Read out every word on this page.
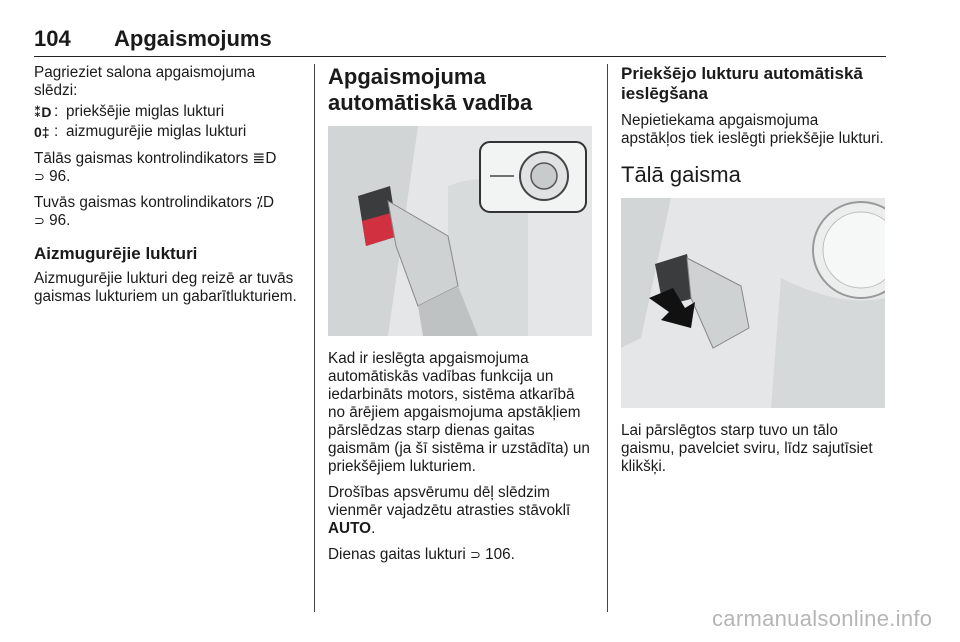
104 Apgaismojums

Pagrieziet salona apgaismojuma slēdzi:

⁑D : priekšējie miglas lukturi
0‡ : aizmugurējie miglas lukturi

Tālās gaismas kontrolindikators ≣D

⊃ 96.

Tuvās gaismas kontrolindikators ⁒D

⊃ 96.

Aizmugurējie lukturi

Aizmugurējie lukturi deg reizē ar tuvās gaismas lukturiem un gabarītlukturiem.

Apgaismojuma automātiskā vadība

Kad ir ieslēgta apgaismojuma automātiskās vadības funkcija un iedarbināts motors, sistēma atkarībā no ārējiem apgaismojuma apstākļiem pārslēdzas starp dienas gaitas gaismām (ja šī sistēma ir uzstādīta) un priekšējiem lukturiem.

Drošības apsvērumu dēļ slēdzim vienmēr vajadzētu atrasties stāvoklī AUTO.

Dienas gaitas lukturi ⊃ 106.

Priekšējo lukturu automātiskā ieslēgšana

Nepietiekama apgaismojuma apstākļos tiek ieslēgti priekšējie lukturi.

Tālā gaisma

Lai pārslēgtos starp tuvo un tālo gaismu, pavelciet sviru, līdz sajutīsiet klikšķi.

carmanualsonline.info
